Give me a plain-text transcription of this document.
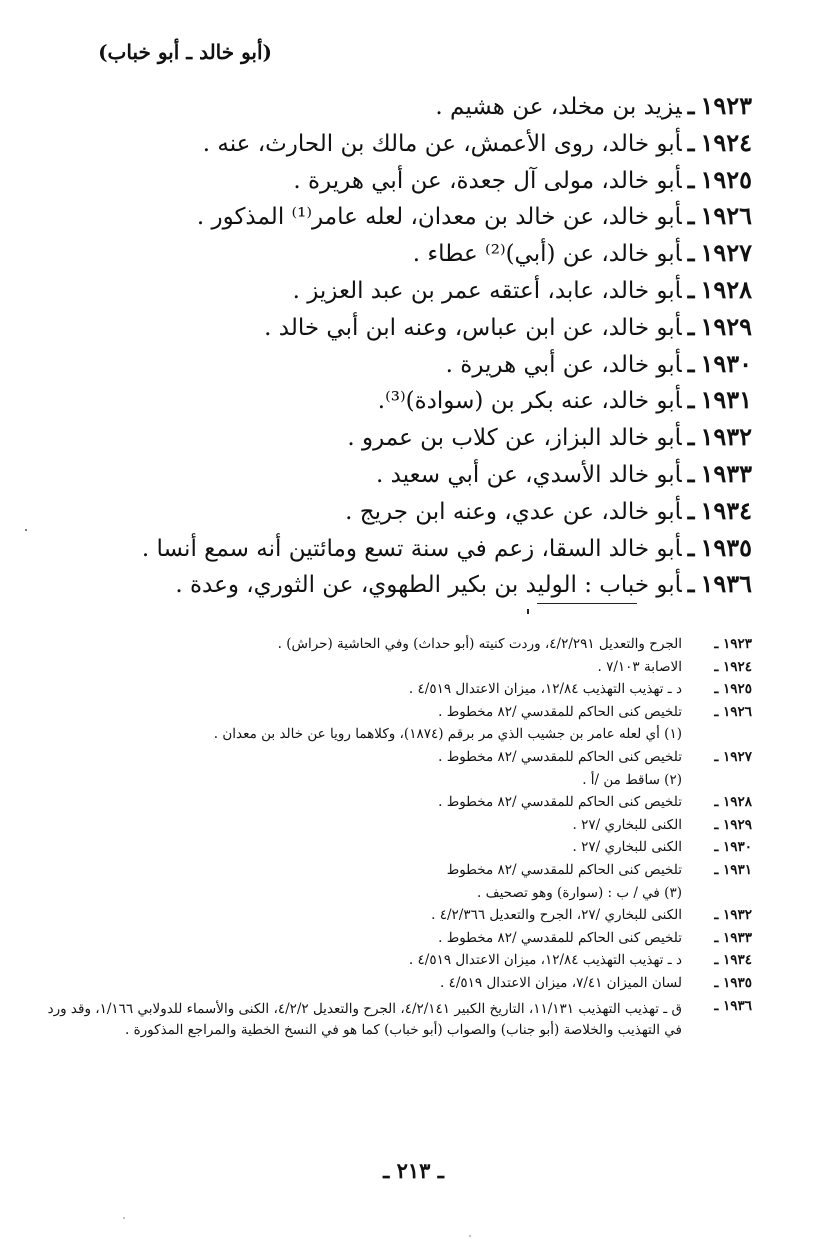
(أبو خالد ـ أبو خباب)
١٩٢٣ـيزيد بن مخلد، عن هشيم .
١٩٢٤ـأبو خالد، روى الأعمش، عن مالك بن الحارث، عنه .
١٩٢٥ـأبو خالد، مولى آل جعدة، عن أبي هريرة .
١٩٢٦ـأبو خالد، عن خالد بن معدان، لعله عامر⁽¹⁾ المذكور .
١٩٢٧ـأبو خالد، عن (أبي)⁽²⁾ عطاء .
١٩٢٨ـأبو خالد، عابد، أعتقه عمر بن عبد العزيز .
١٩٢٩ـأبو خالد، عن ابن عباس، وعنه ابن أبي خالد .
١٩٣٠ـأبو خالد، عن أبي هريرة .
١٩٣١ـأبو خالد، عنه بكر بن (سوادة)⁽³⁾.
١٩٣٢ـأبو خالد البزاز، عن كلاب بن عمرو .
١٩٣٣ـأبو خالد الأسدي، عن أبي سعيد .
١٩٣٤ـأبو خالد، عن عدي، وعنه ابن جريج .
١٩٣٥ـأبو خالد السقا، زعم في سنة تسع ومائتين أنه سمع أنسا .
١٩٣٦ـأبو خباب : الوليد بن بكير الطهوي، عن الثوري، وعدة .
١٩٢٣ ـ
الجرح والتعديل ٤/٢/٢٩١، وردت كنيته (أبو حداث) وفي الحاشية (حراش) .
١٩٢٤ ـ
الاصابة ٧/١٠٣ .
١٩٢٥ ـ
د ـ تهذيب التهذيب ١٢/٨٤، ميزان الاعتدال ٤/٥١٩ .
١٩٢٦ ـ
تلخيص كنى الحاكم للمقدسي /٨٢ مخطوط .
(١) أي لعله عامر بن جشيب الذي مر برقم (١٨٧٤)، وكلاهما رويا عن خالد بن معدان .
١٩٢٧ ـ
تلخيص كنى الحاكم للمقدسي /٨٢ مخطوط .
(٢) ساقط من /أ .
١٩٢٨ ـ
تلخيص كنى الحاكم للمقدسي /٨٢ مخطوط .
١٩٢٩ ـ
الكنى للبخاري /٢٧ .
١٩٣٠ ـ
الكنى للبخاري /٢٧ .
١٩٣١ ـ
تلخيص كنى الحاكم للمقدسي /٨٢ مخطوط
(٣) في / ب : (سوارة) وهو تصحيف .
١٩٣٢ ـ
الكنى للبخاري /٢٧، الجرح والتعديل ٤/٢/٣٦٦ .
١٩٣٣ ـ
تلخيص كنى الحاكم للمقدسي /٨٢ مخطوط .
١٩٣٤ ـ
د ـ تهذيب التهذيب ١٢/٨٤، ميزان الاعتدال ٤/٥١٩ .
١٩٣٥ ـ
لسان الميزان ٧/٤١، ميزان الاعتدال ٤/٥١٩ .
١٩٣٦ ـ
ق ـ تهذيب التهذيب ١١/١٣١، التاريخ الكبير ٤/٢/١٤١، الجرح والتعديل ٤/٢/٢، الكنى والأسماء للدولابي ١/١٦٦، وقد ورد في التهذيب والخلاصة (أبو جناب) والصواب (أبو خباب) كما هو في النسخ الخطية والمراجع المذكورة .
ـ ٢١٣ ـ
